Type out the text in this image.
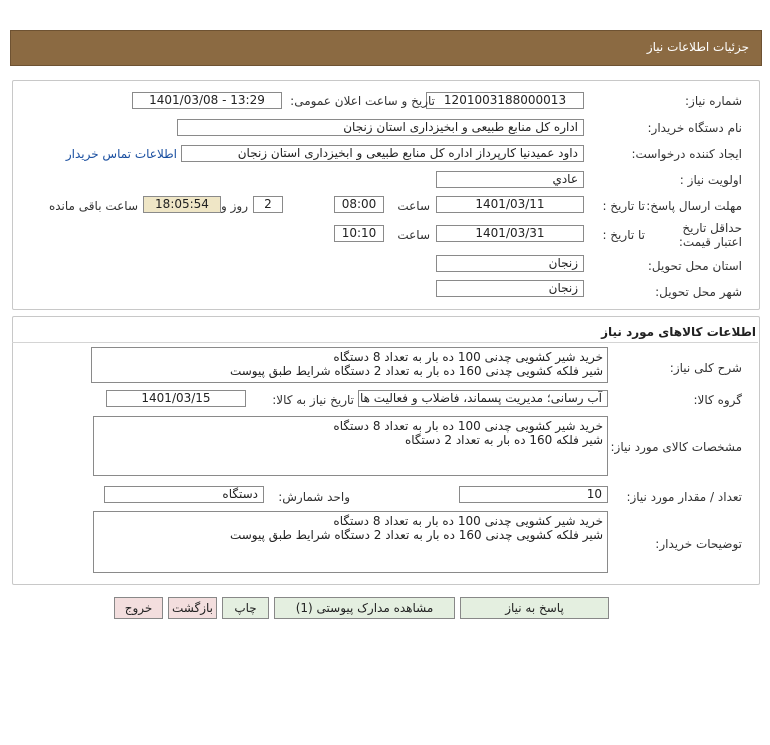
جزئیات اطلاعات نیاز
شماره نیاز:
1201003188000013
تاریخ و ساعت اعلان عمومی:
1401/03/08 - 13:29
نام دستگاه خریدار:
اداره کل منابع طبیعی و ابخیزداری استان زنجان
ایجاد کننده درخواست:
داود عمیدنیا کارپرداز اداره کل منابع طبیعی و ابخیزداری استان زنجان
اطلاعات تماس خریدار
اولویت نیاز :
عادي
مهلت ارسال پاسخ:
تا تاریخ :
1401/03/11
ساعت
08:00
2
روز و
18:05:54
ساعت باقی مانده
حداقل تاریخ اعتبار قیمت:
تا تاریخ :
1401/03/31
ساعت
10:10
استان محل تحویل:
زنجان
شهر محل تحویل:
زنجان
اطلاعات کالاهای مورد نیاز
شرح کلی نیاز:
خرید شیر کشویی چدنی 100 ده بار به تعداد 8 دستگاه
شیر فلکه کشویی چدنی 160 ده بار به تعداد 2 دستگاه شرایط طبق پیوست
گروه کالا:
آب رسانی؛ مدیریت پسماند، فاضلاب و فعالیت ها
تاریخ نیاز به کالا:
1401/03/15
مشخصات کالای مورد نیاز:
خرید شیر کشویی چدنی 100 ده بار به تعداد 8 دستگاه
شیر فلکه 160 ده بار به تعداد 2 دستگاه
تعداد / مقدار مورد نیاز:
10
واحد شمارش:
دستگاه
توضیحات خریدار:
خرید شیر کشویی چدنی 100 ده بار به تعداد 8 دستگاه
شیر فلکه کشویی چدنی 160 ده بار به تعداد 2 دستگاه شرایط طبق پیوست
پاسخ به نیاز
مشاهده مدارک پیوستی (1)
چاپ
بازگشت
خروج
